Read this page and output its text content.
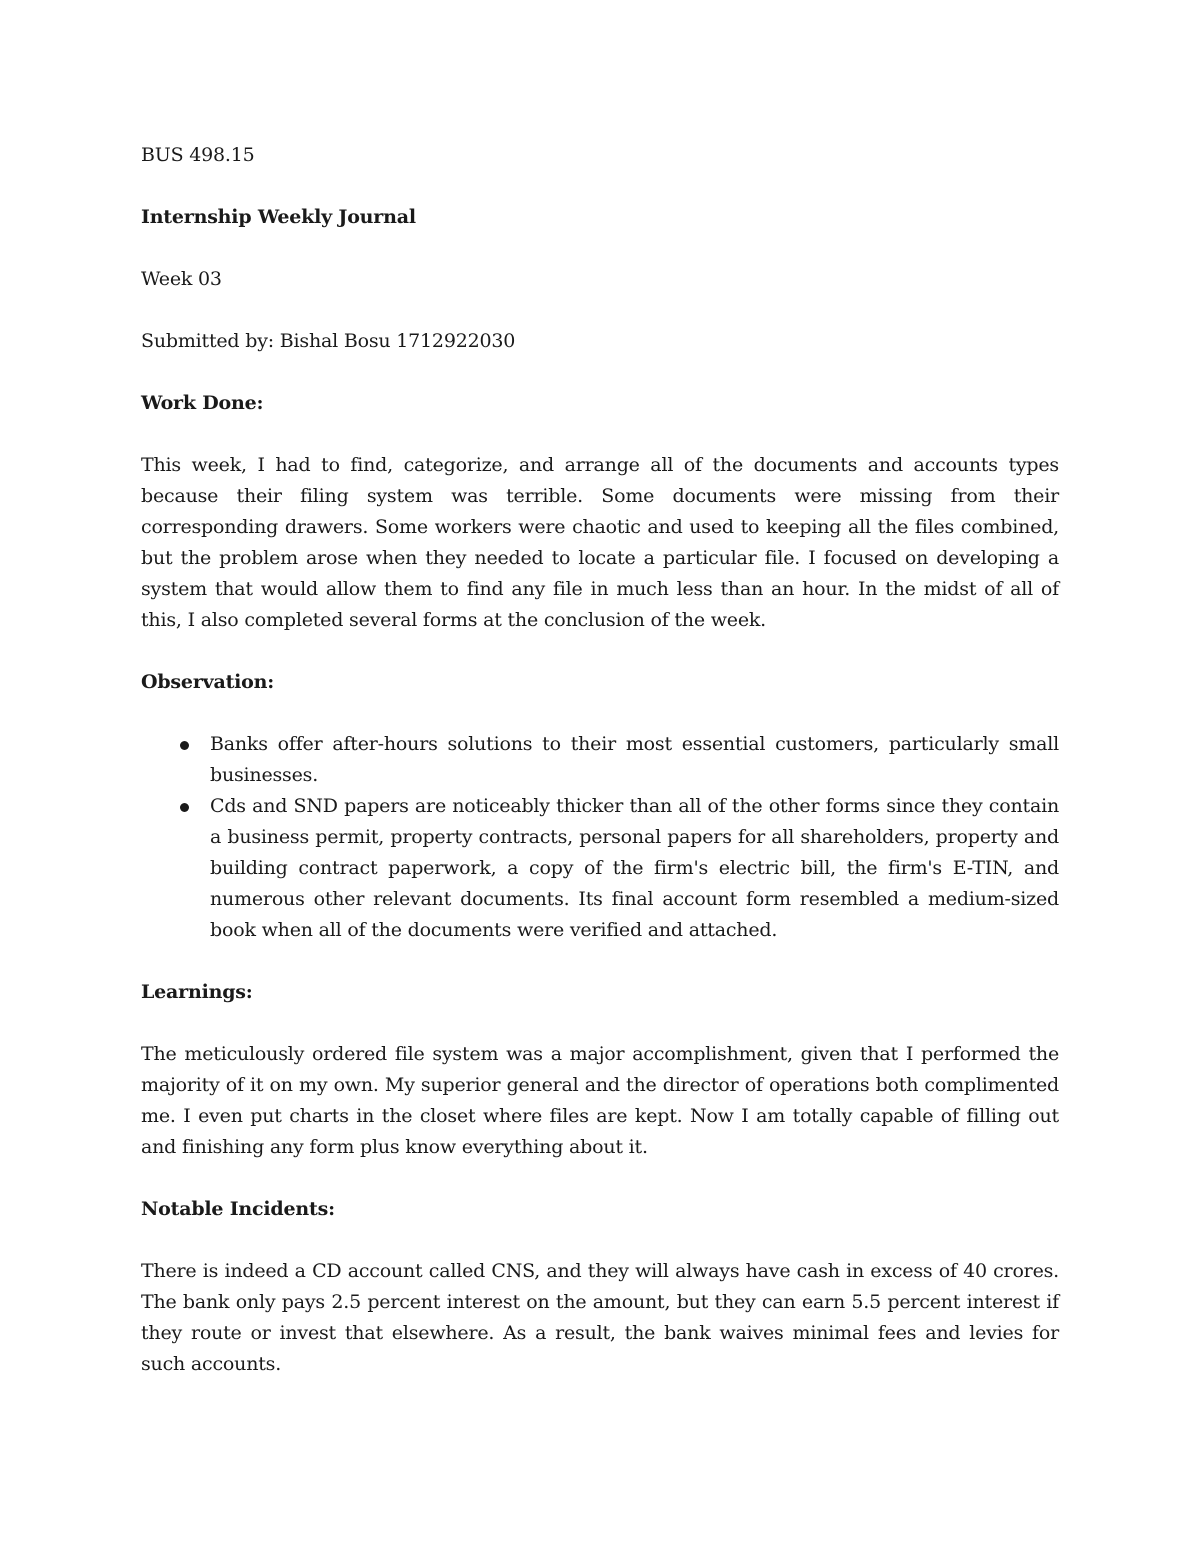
BUS 498.15
Internship Weekly Journal
Week 03
Submitted by: Bishal Bosu 1712922030
Work Done:
This week, I had to find, categorize, and arrange all of the documents and accounts types because their filing system was terrible. Some documents were missing from their corresponding drawers. Some workers were chaotic and used to keeping all the files combined, but the problem arose when they needed to locate a particular file. I focused on developing a system that would allow them to find any file in much less than an hour. In the midst of all of this, I also completed several forms at the conclusion of the week.
Observation:
Banks offer after-hours solutions to their most essential customers, particularly small businesses.
Cds and SND papers are noticeably thicker than all of the other forms since they contain a business permit, property contracts, personal papers for all shareholders, property and building contract paperwork, a copy of the firm's electric bill, the firm's E-TIN, and numerous other relevant documents. Its final account form resembled a medium-sized book when all of the documents were verified and attached.
Learnings:
The meticulously ordered file system was a major accomplishment, given that I performed the majority of it on my own. My superior general and the director of operations both complimented me. I even put charts in the closet where files are kept. Now I am totally capable of filling out and finishing any form plus know everything about it.
Notable Incidents:
There is indeed a CD account called CNS, and they will always have cash in excess of 40 crores. The bank only pays 2.5 percent interest on the amount, but they can earn 5.5 percent interest if they route or invest that elsewhere. As a result, the bank waives minimal fees and levies for such accounts.
